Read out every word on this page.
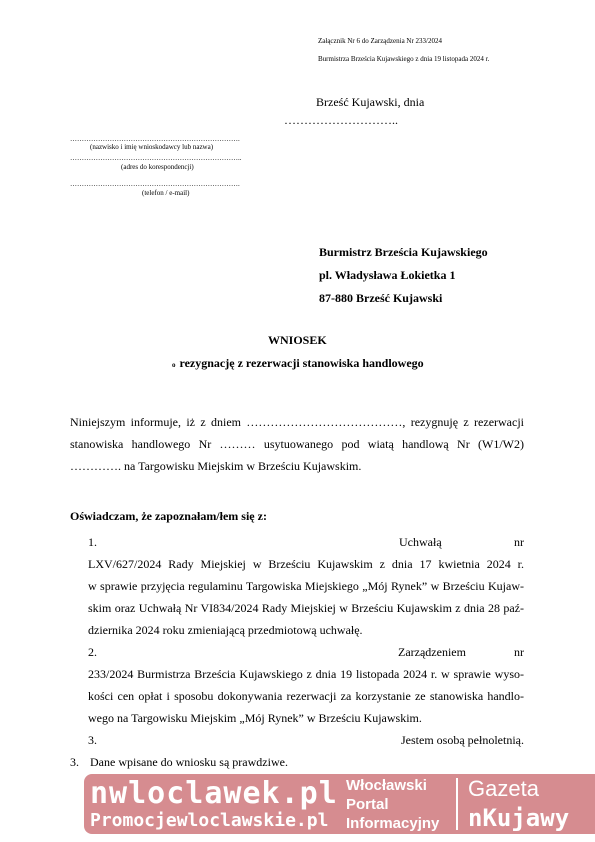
Załącznik Nr 6 do Zarządzenia Nr 233/2024
Burmistrza Brześcia Kujawskiego z dnia 19 listopada 2024 r.
Brześć Kujawski, dnia
………………………..
……………………………………………………………….
(nazwisko i imię wnioskodawcy lub nazwa)
………………………………………………………………..
(adres do korespondencji)
……………………………………………………………….
(telefon / e-mail)
Burmistrz Brześcia Kujawskiego
pl. Władysława Łokietka 1
87-880 Brześć Kujawski
WNIOSEK
o rezygnację z rezerwacji stanowiska handlowego
Niniejszym informuje, iż z dniem …………………………………, rezygnuję z rezerwacji
stanowiska handlowego Nr ……… usytuowanego pod wiatą handlową Nr (W1/W2)
…………. na Targowisku Miejskim w Brześciu Kujawskim.
Oświadczam, że zapoznałam/łem się z:
1.	Uchwałą nr
LXV/627/2024 Rady Miejskiej w Brześciu Kujawskim z dnia 17 kwietnia 2024 r.
w sprawie przyjęcia regulaminu Targowiska Miejskiego „Mój Rynek” w Brześciu Kujaw-
skim oraz Uchwałą Nr VI834/2024 Rady Miejskiej w Brześciu Kujawskim z dnia 28 paź-
dziernika 2024 roku zmieniającą przedmiotową uchwałę.
2.	Zarządzeniem nr
233/2024 Burmistrza Brześcia Kujawskiego z dnia 19 listopada 2024 r. w sprawie wyso-
kości cen opłat i sposobu dokonywania rezerwacji za korzystanie ze stanowiska handlo-
wego na Targowisku Miejskim „Mój Rynek” w Brześciu Kujawskim.
3.	Jestem osobą pełnoletnią.
3. Dane wpisane do wniosku są prawdziwe.
nwloclawek.pl
Promocjewloclawskie.pl
Włocławski
Portal
Informacyjny
Gazeta
nKujawy
